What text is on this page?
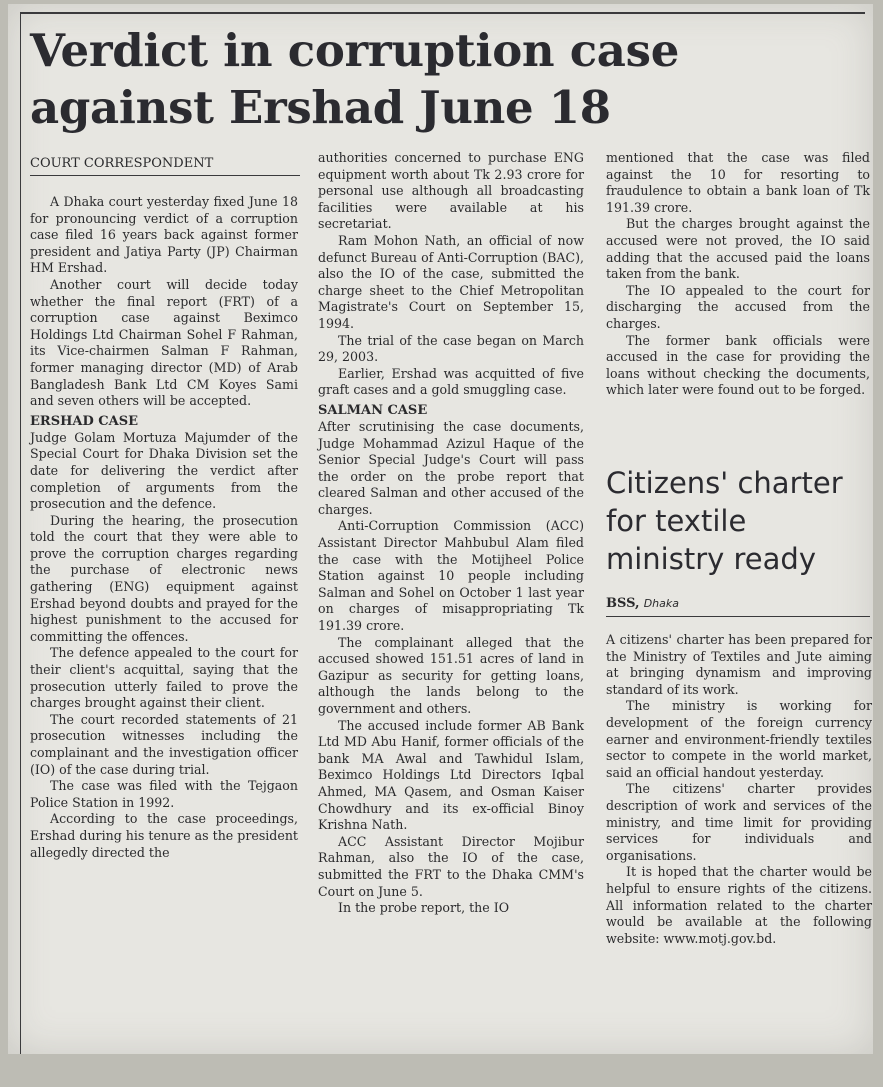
Verdict in corruption case against Ershad June 18
COURT CORRESPONDENT

A Dhaka court yesterday fixed June 18 for pronouncing verdict of a corruption case filed 16 years back against former president and Jatiya Party (JP) Chairman HM Ershad.

Another court will decide today whether the final report (FRT) of a corruption case against Beximco Holdings Ltd Chairman Sohel F Rahman, its Vice-chairmen Salman F Rahman, former managing director (MD) of Arab Bangladesh Bank Ltd CM Koyes Sami and seven others will be accepted.

ERSHAD CASE

Judge Golam Mortuza Majumder of the Special Court for Dhaka Division set the date for delivering the verdict after completion of arguments from the prosecution and the defence.

During the hearing, the prosecution told the court that they were able to prove the corruption charges regarding the purchase of electronic news gathering (ENG) equipment against Ershad beyond doubts and prayed for the highest punishment to the accused for committing the offences.

The defence appealed to the court for their client's acquittal, saying that the prosecution utterly failed to prove the charges brought against their client.

The court recorded statements of 21 prosecution witnesses including the complainant and the investigation officer (IO) of the case during trial.

The case was filed with the Tejgaon Police Station in 1992.

According to the case proceedings, Ershad during his tenure as the president allegedly directed the

authorities concerned to purchase ENG equipment worth about Tk 2.93 crore for personal use although all broadcasting facilities were available at his secretariat.

Ram Mohon Nath, an official of now defunct Bureau of Anti-Corruption (BAC), also the IO of the case, submitted the charge sheet to the Chief Metropolitan Magistrate's Court on September 15, 1994.

The trial of the case began on March 29, 2003.

Earlier, Ershad was acquitted of five graft cases and a gold smuggling case.

SALMAN CASE

After scrutinising the case documents, Judge Mohammad Azizul Haque of the Senior Special Judge's Court will pass the order on the probe report that cleared Salman and other accused of the charges.

Anti-Corruption Commission (ACC) Assistant Director Mahbubul Alam filed the case with the Motijheel Police Station against 10 people including Salman and Sohel on October 1 last year on charges of misappropriating Tk 191.39 crore.

The complainant alleged that the accused showed 151.51 acres of land in Gazipur as security for getting loans, although the lands belong to the government and others.

The accused include former AB Bank Ltd MD Abu Hanif, former officials of the bank MA Awal and Tawhidul Islam, Beximco Holdings Ltd Directors Iqbal Ahmed, MA Qasem, and Osman Kaiser Chowdhury and its ex-official Binoy Krishna Nath.

ACC Assistant Director Mojibur Rahman, also the IO of the case, submitted the FRT to the Dhaka CMM's Court on June 5.

In the probe report, the IO

mentioned that the case was filed against the 10 for resorting to fraudulence to obtain a bank loan of Tk 191.39 crore.

But the charges brought against the accused were not proved, the IO said adding that the accused paid the loans taken from the bank.

The IO appealed to the court for discharging the accused from the charges.

The former bank officials were accused in the case for providing the loans without checking the documents, which later were found out to be forged.

Citizens' charter for textile ministry ready
BSS, Dhaka

A citizens' charter has been prepared for the Ministry of Textiles and Jute aiming at bringing dynamism and improving standard of its work.

The ministry is working for development of the foreign currency earner and environment-friendly textiles sector to compete in the world market, said an official handout yesterday.

The citizens' charter provides description of work and services of the ministry, and time limit for providing services for individuals and organisations.

It is hoped that the charter would be helpful to ensure rights of the citizens. All information related to the charter would be available at the following website: www.motj.gov.bd.
